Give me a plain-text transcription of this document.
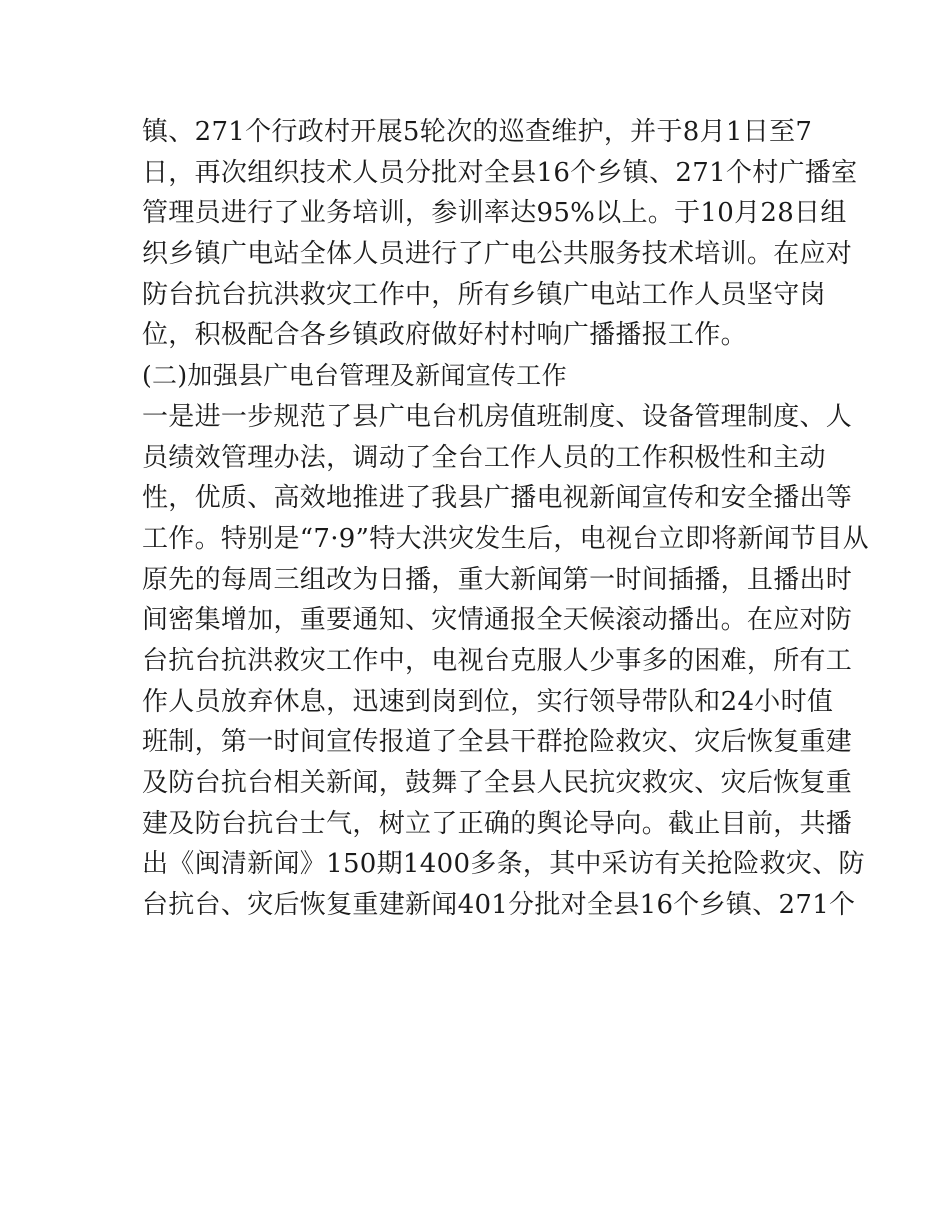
镇、271个行政村开展5轮次的巡查维护，并于8月1日至7
日，再次组织技术人员分批对全县16个乡镇、271个村广播室
管理员进行了业务培训，参训率达95%以上。于10月28日组
织乡镇广电站全体人员进行了广电公共服务技术培训。在应对
防台抗台抗洪救灾工作中，所有乡镇广电站工作人员坚守岗
位，积极配合各乡镇政府做好村村响广播播报工作。
(二)加强县广电台管理及新闻宣传工作
一是进一步规范了县广电台机房值班制度、设备管理制度、人
员绩效管理办法，调动了全台工作人员的工作积极性和主动
性，优质、高效地推进了我县广播电视新闻宣传和安全播出等
工作。特别是“7·9”特大洪灾发生后，电视台立即将新闻节目从
原先的每周三组改为日播，重大新闻第一时间插播，且播出时
间密集增加，重要通知、灾情通报全天候滚动播出。在应对防
台抗台抗洪救灾工作中，电视台克服人少事多的困难，所有工
作人员放弃休息，迅速到岗到位，实行领导带队和24小时值
班制，第一时间宣传报道了全县干群抢险救灾、灾后恢复重建
及防台抗台相关新闻，鼓舞了全县人民抗灾救灾、灾后恢复重
建及防台抗台士气，树立了正确的舆论导向。截止目前，共播
出《闽清新闻》150期1400多条，其中采访有关抢险救灾、防
台抗台、灾后恢复重建新闻401分批对全县16个乡镇、271个
